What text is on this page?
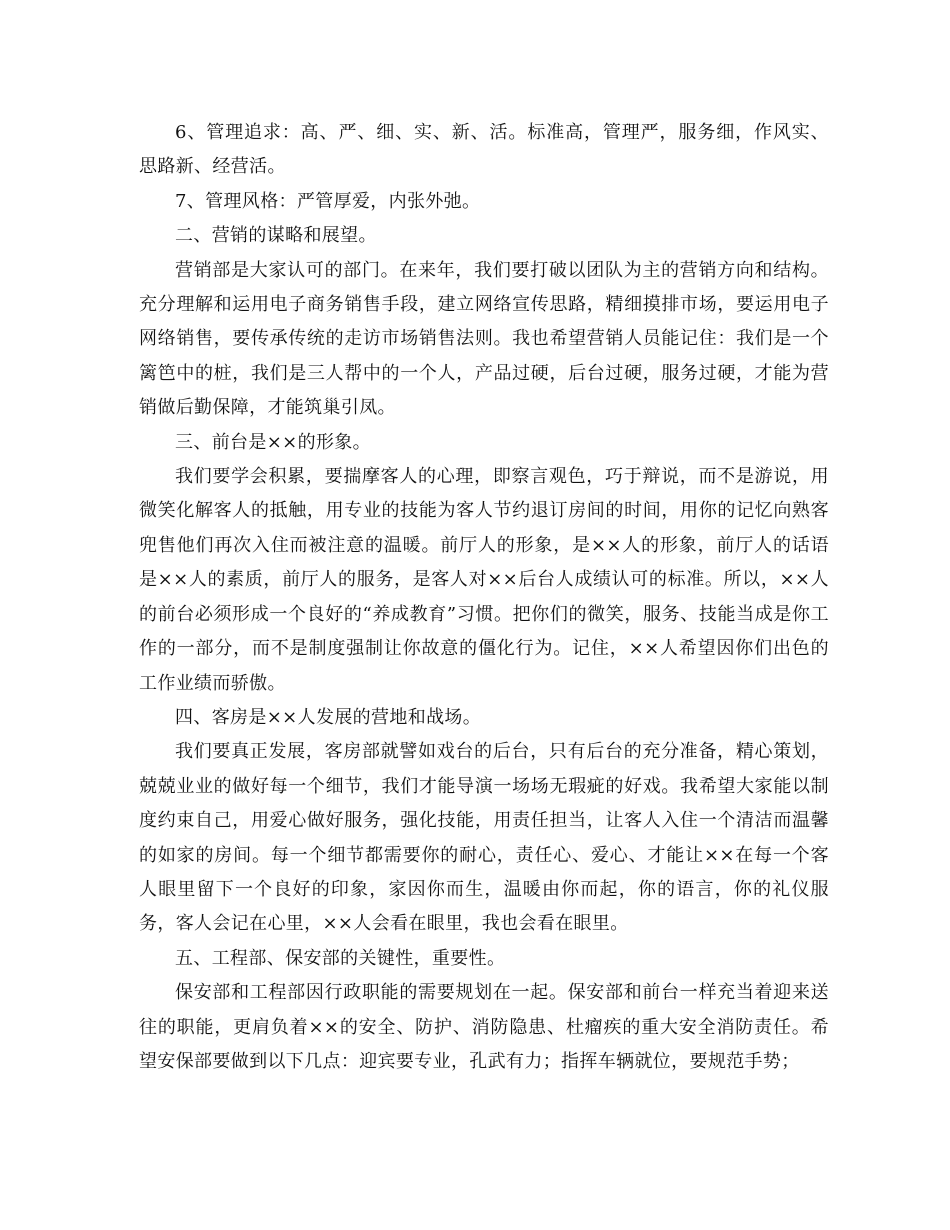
6、管理追求：高、严、细、实、新、活。标准高，管理严，服务细，作风实、思路新、经营活。

7、管理风格：严管厚爱，内张外弛。

二、营销的谋略和展望。

营销部是大家认可的部门。在来年，我们要打破以团队为主的营销方向和结构。充分理解和运用电子商务销售手段，建立网络宣传思路，精细摸排市场，要运用电子网络销售，要传承传统的走访市场销售法则。我也希望营销人员能记住：我们是一个篱笆中的桩，我们是三人帮中的一个人，产品过硬，后台过硬，服务过硬，才能为营销做后勤保障，才能筑巢引凤。

三、前台是××的形象。

我们要学会积累，要揣摩客人的心理，即察言观色，巧于辩说，而不是游说，用微笑化解客人的抵触，用专业的技能为客人节约退订房间的时间，用你的记忆向熟客兜售他们再次入住而被注意的温暖。前厅人的形象，是××人的形象，前厅人的话语是××人的素质，前厅人的服务，是客人对××后台人成绩认可的标准。所以，××人的前台必须形成一个良好的“养成教育”习惯。把你们的微笑，服务、技能当成是你工作的一部分，而不是制度强制让你故意的僵化行为。记住，××人希望因你们出色的工作业绩而骄傲。

四、客房是××人发展的营地和战场。

我们要真正发展，客房部就譬如戏台的后台，只有后台的充分准备，精心策划，兢兢业业的做好每一个细节，我们才能导演一场场无瑕疵的好戏。我希望大家能以制度约束自己，用爱心做好服务，强化技能，用责任担当，让客人入住一个清洁而温馨的如家的房间。每一个细节都需要你的耐心，责任心、爱心、才能让××在每一个客人眼里留下一个良好的印象，家因你而生，温暖由你而起，你的语言，你的礼仪服务，客人会记在心里，××人会看在眼里，我也会看在眼里。

五、工程部、保安部的关键性，重要性。

保安部和工程部因行政职能的需要规划在一起。保安部和前台一样充当着迎来送往的职能，更肩负着××的安全、防护、消防隐患、杜瘤疾的重大安全消防责任。希望安保部要做到以下几点：迎宾要专业，孔武有力；指挥车辆就位，要规范手势；
